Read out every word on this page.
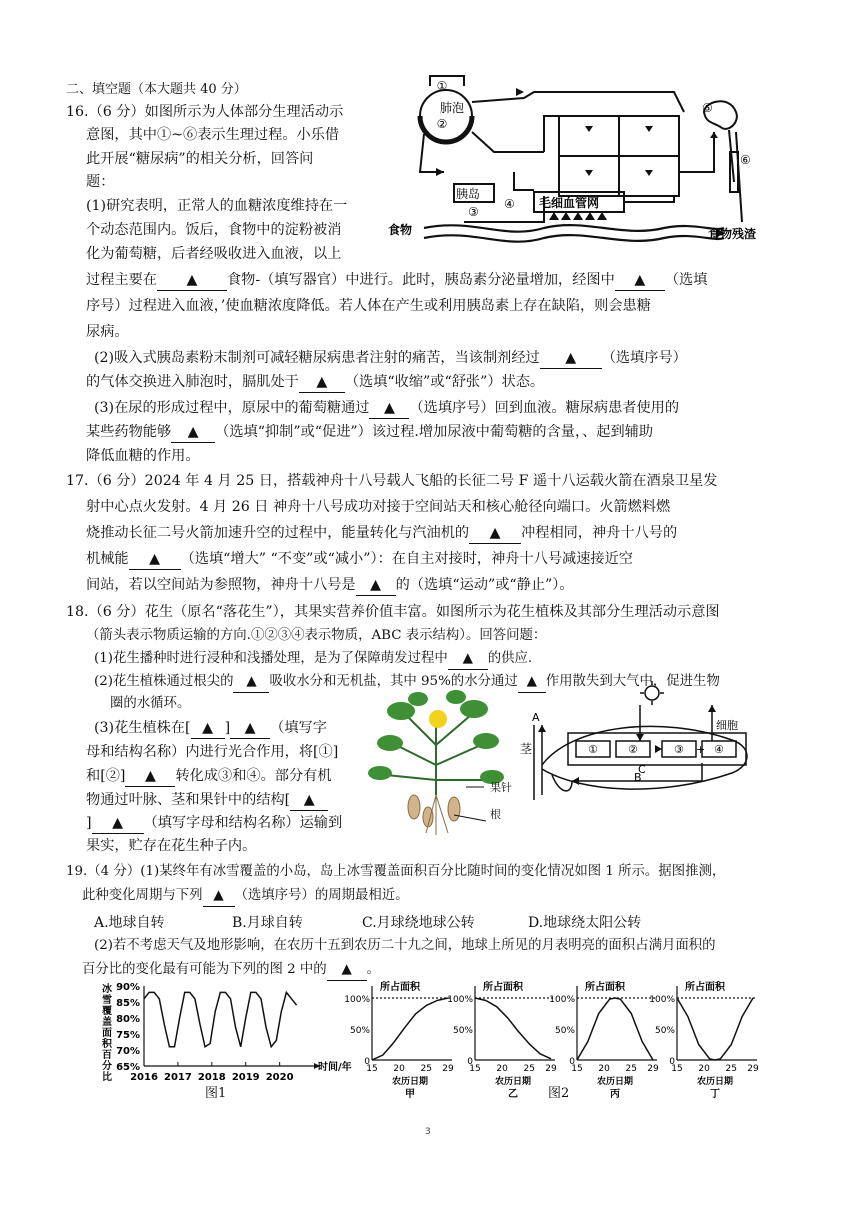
二、填空题（本大题共 40 分）
16.（6 分）如图所示为人体部分生理活动示
意图，其中①~⑥表示生理过程。小乐借
此开展“糖尿病”的相关分析，回答问
题：
(1)研究表明，正常人的血糖浓度维持在一
个动态范围内。饭后，食物中的淀粉被消
化为葡萄糖，后者经吸收进入血液，以上
过程主要在 ▲ 食物-（填写器官）中进行。此时，胰岛素分泌量增加，经图中 ▲ （选填
序号）过程进入血液，’使血糖浓度降低。若人体在产生或利用胰岛素上存在缺陷，则会患糖
尿病。
(2)吸入式胰岛素粉末制剂可减轻糖尿病患者注射的痛苦，当该制剂经过 ▲ （选填序号）
的气体交换进入肺泡时，膈肌处于 ▲ （选填“收缩”或“舒张”）状态。
(3)在尿的形成过程中，原尿中的葡萄糖通过 ▲ （选填序号）回到血液。糖尿病患者使用的
某些药物能够 ▲ （选填“抑制”或“促进”）该过程.增加尿液中葡萄糖的含量，、起到辅助
降低血糖的作用。
①
肺泡
②
胰岛
③
④ 毛细血管网
⑤
⑥
食物	食物残渣
17.（6 分）2024 年 4 月 25 日，搭载神舟十八号载人飞船的长征二号 F 遥十八运载火箭在酒泉卫星发
射中心点火发射。4 月 26 日 神舟十八号成功对接于空间站天和核心舱径向端口。火箭燃料燃
烧推动长征二号火箭加速升空的过程中，能量转化与汽油机的 ▲ 冲程相同，神舟十八号的
机械能 ▲ （选填“增大” “不变”或“减小”）：在自主对接时，神舟十八号减速接近空
间站，若以空间站为参照物，神舟十八号是 ▲ 的（选填“运动”或“静止”）。
18.（6 分）花生（原名“落花生”），其果实营养价值丰富。如图所示为花生植株及其部分生理活动示意图
（箭头表示物质运输的方向.①②③④表示物质，ABC 表示结构）。回答问题：
(1)花生播种时进行浸种和浅播处理，是为了保障萌发过程中 ▲ 的供应.
(2)花生植株通过根尖的 ▲ 吸收水分和无机盐，其中 95%的水分通过 ▲ 作用散失到大气中，促进生物
圈的水循环。
(3)花生植株在[ ▲ ] ▲ （填写字
母和结构名称）内进行光合作用，将[①]
和[②] ▲ 转化成③和④。部分有机
物通过叶脉、茎和果针中的结构[ ▲
] ▲ （填写字母和结构名称）运输到
果实，贮存在花生种子内。
果针
根
A
B
C
茎
细胞
①	②	③ + ④
19.（4 分）(1)某终年有冰雪覆盖的小岛，岛上冰雪覆盖面积百分比随时间的变化情况如图 1 所示。据图推测，
此种变化周期与下列 ▲ （选填序号）的周期最相近。
A.地球自转	B.月球自转	C.月球绕地球公转	D.地球绕太阳公转
(2)若不考虑天气及地形影响，在农历十五到农历二十九之间，地球上所见的月表明亮的面积占满月面积的
百分比的变化最有可能为下列的图 2 中的 ▲ 。
冰
雪
覆
盖
面
积
百
分
比
65%
70%
75%
80%
85%
90%
2016 2017 2018 2019 2020
时间/年
所占面积
100%
50%
0
15 20 25 29
农历日期
甲
所占面积
100%
50%
0
15 20 25 29
农历日期
乙
所占面积
100%
50%
0
15 20 25 29
农历日期
丙
所占面积
100%
50%
0
15 20 25 29
农历日期
丁
图1	图2
3
